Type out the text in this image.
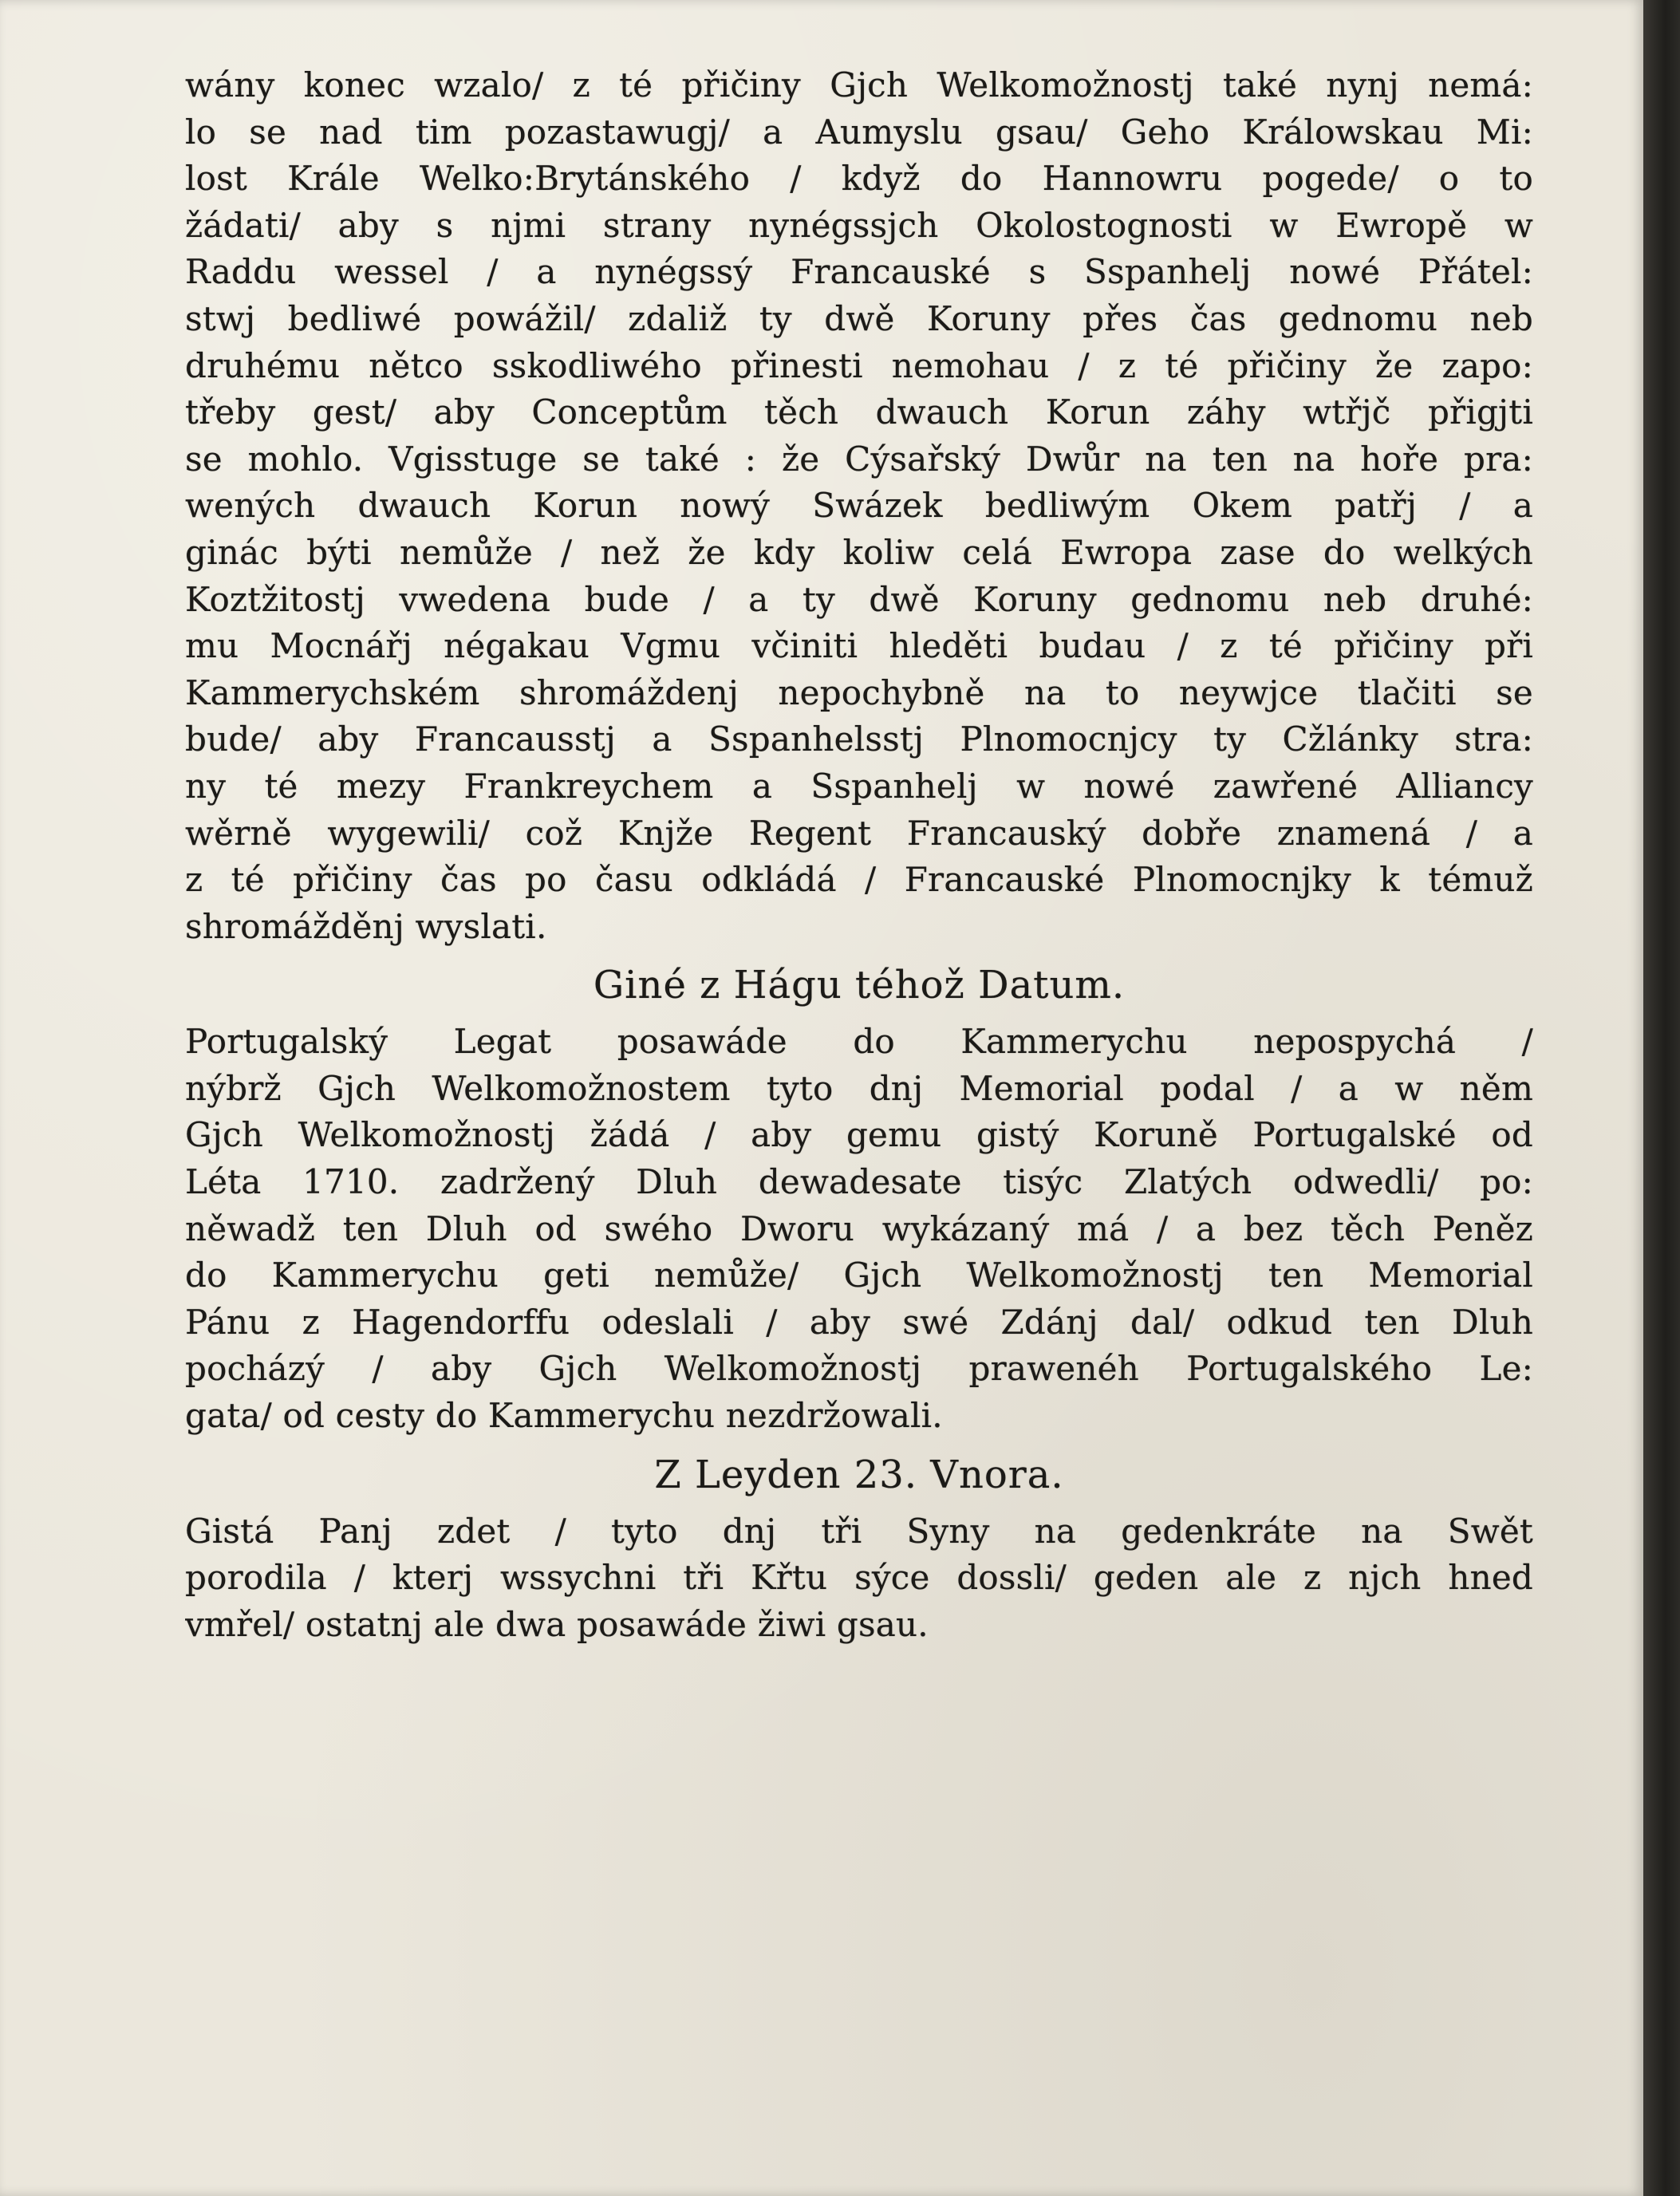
wány konec wzalo/ z té přičiny Gjch Welkomožnostj také nynj nemá:
lo se nad tim pozastawugj/ a Aumyslu gsau/ Geho Králowskau Mi:
lost Krále Welko:Brytánského / když do Hannowru pogede/ o to
žádati/ aby s njmi strany nynégssjch Okolostognosti w Ewropě w
Raddu wessel / a nynégssý Francauské s Sspanhelj nowé Přátel:
stwj bedliwé powážil/ zdaliž ty dwě Koruny přes čas gednomu neb
druhému nětco sskodliwého přinesti nemohau / z té přičiny že zapo:
třeby gest/ aby Conceptům těch dwauch Korun záhy wtřjč přigjti
se mohlo. Vgisstuge se také : že Cýsařský Dwůr na ten na hoře pra:
wených dwauch Korun nowý Swázek bedliwým Okem patřj / a
ginác býti nemůže / než že kdy koliw celá Ewropa zase do welkých
Koztžitostj vwedena bude / a ty dwě Koruny gednomu neb druhé:
mu Mocnářj négakau Vgmu včiniti hleděti budau / z té přičiny při
Kammerychském shromáždenj nepochybně na to neywjce tlačiti se
bude/ aby Francausstj a Sspanhelsstj Plnomocnjcy ty Cžlánky stra:
ny té mezy Frankreychem a Sspanhelj w nowé zawřené Alliancy
wěrně wygewili/ což Knjže Regent Francauský dobře znamená / a
z té přičiny čas po času odkládá / Francauské Plnomocnjky k témuž
shromážděnj wyslati.
Giné z Hágu téhož Datum.
Portugalský Legat posawáde do Kammerychu nepospychá /
nýbrž Gjch Welkomožnostem tyto dnj Memorial podal / a w něm
Gjch Welkomožnostj žádá / aby gemu gistý Koruně Portugalské od
Léta 1710. zadržený Dluh dewadesate tisýc Zlatých odwedli/ po:
něwadž ten Dluh od swého Dworu wykázaný má / a bez těch Peněz
do Kammerychu geti nemůže/ Gjch Welkomožnostj ten Memorial
Pánu z Hagendorffu odeslali / aby swé Zdánj dal/ odkud ten Dluh
pocházý / aby Gjch Welkomožnostj prawenéh Portugalského Le:
gata/ od cesty do Kammerychu nezdržowali.
Z Leyden 23. Vnora.
Gistá Panj zdet / tyto dnj tři Syny na gedenkráte na Swět
porodila / kterj wssychni tři Křtu sýce dossli/ geden ale z njch hned
vmřel/ ostatnj ale dwa posawáde žiwi gsau.
